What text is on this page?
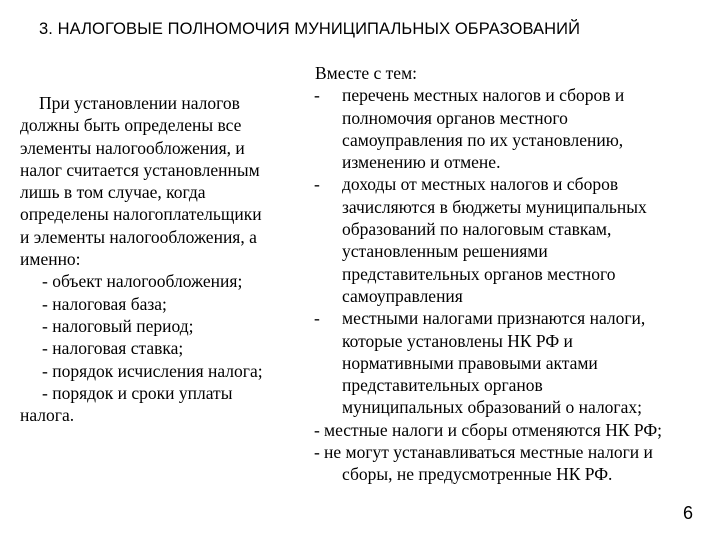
3. НАЛОГОВЫЕ ПОЛНОМОЧИЯ МУНИЦИПАЛЬНЫХ ОБРАЗОВАНИЙ
При установлении налогов
должны быть определены все
элементы налогообложения, и
налог считается установленным
лишь в том случае, когда
определены налогоплательщики
и элементы налогообложения, а
именно:
- объект налогообложения;
- налоговая база;
- налоговый период;
- налоговая ставка;
- порядок исчисления налога;
- порядок и сроки уплаты
налога.
Вместе с тем:
-	перечень местных налогов и сборов и
полномочия органов местного
самоуправления по их установлению,
изменению и отмене.
-	доходы от местных налогов и сборов
зачисляются в бюджеты муниципальных
образований по налоговым ставкам,
установленным решениями
представительных органов местного
самоуправления
-	местными налогами признаются налоги,
которые установлены НК РФ и
нормативными правовыми актами
представительных органов
муниципальных образований о налогах;
- местные налоги и сборы отменяются НК РФ;
- не могут устанавливаться местные налоги и
сборы, не предусмотренные НК РФ.
6
